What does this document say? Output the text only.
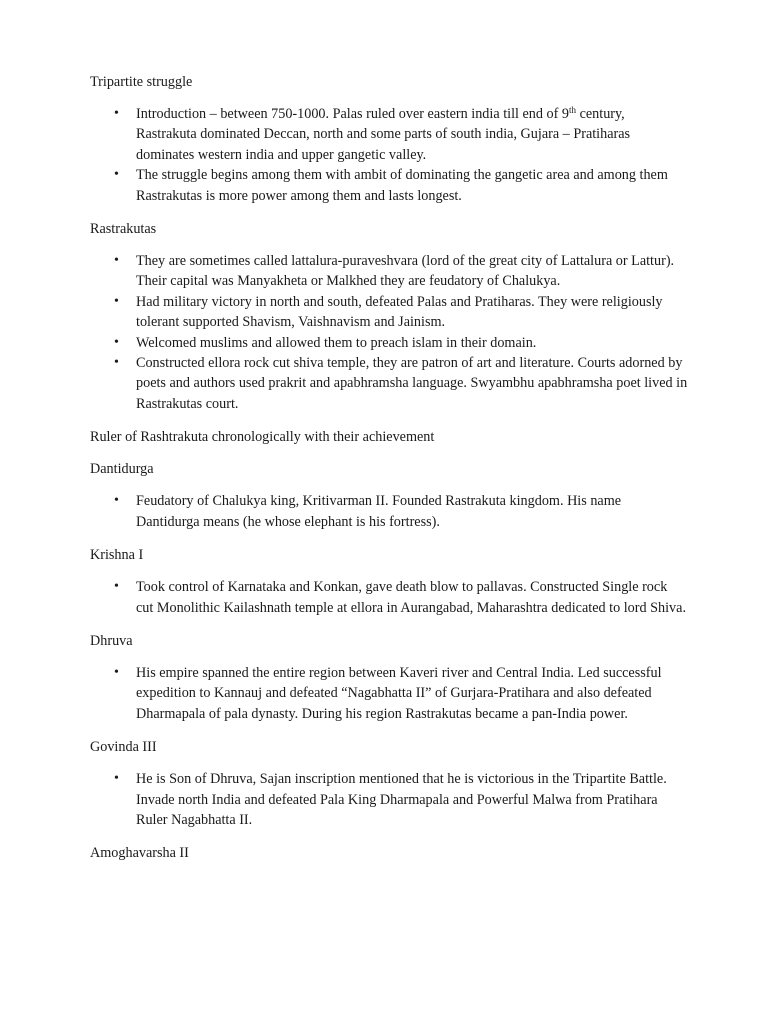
Tripartite struggle

• Introduction – between 750-1000. Palas ruled over eastern india till end of 9th century, Rastrakuta dominated Deccan, north and some parts of south india, Gujara – Pratiharas dominates western india and upper gangetic valley.
• The struggle begins among them with ambit of dominating the gangetic area and among them Rastrakutas is more power among them and lasts longest.

Rastrakutas

• They are sometimes called lattalura-puraveshvara (lord of the great city of Lattalura or Lattur). Their capital was Manyakheta or Malkhed they are feudatory of Chalukya.
• Had military victory in north and south, defeated Palas and Pratiharas. They were religiously tolerant supported Shavism, Vaishnavism and Jainism.
• Welcomed muslims and allowed them to preach islam in their domain.
• Constructed ellora rock cut shiva temple, they are patron of art and literature. Courts adorned by poets and authors used prakrit and apabhramsha language. Swyambhu apabhramsha poet lived in Rastrakutas court.

Ruler of Rashtrakuta chronologically with their achievement

Dantidurga

• Feudatory of Chalukya king, Kritivarman II. Founded Rastrakuta kingdom. His name Dantidurga means (he whose elephant is his fortress).

Krishna I

• Took control of Karnataka and Konkan, gave death blow to pallavas. Constructed Single rock cut Monolithic Kailashnath temple at ellora in Aurangabad, Maharashtra dedicated to lord Shiva.

Dhruva

• His empire spanned the entire region between Kaveri river and Central India. Led successful expedition to Kannauj and defeated “Nagabhatta II” of Gurjara-Pratihara and also defeated Dharmapala of pala dynasty. During his region Rastrakutas became a pan-India power.

Govinda III

• He is Son of Dhruva, Sajan inscription mentioned that he is victorious in the Tripartite Battle. Invade north India and defeated Pala King Dharmapala and Powerful Malwa from Pratihara Ruler Nagabhatta II.

Amoghavarsha II
